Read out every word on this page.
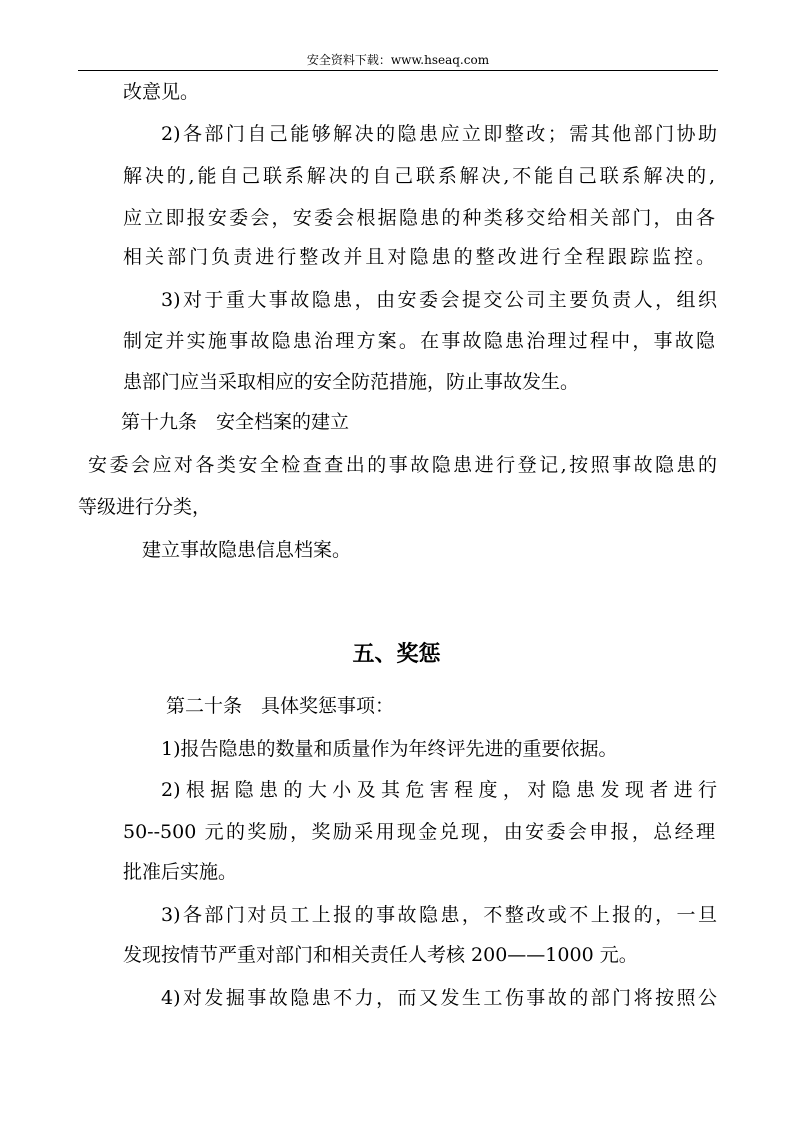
安全资料下载：www.hseaq.com
改意见。
2)各部门自己能够解决的隐患应立即整改；需其他部门协助
解决的,能自己联系解决的自己联系解决,不能自己联系解决的,
应立即报安委会，安委会根据隐患的种类移交给相关部门，由各
相关部门负责进行整改并且对隐患的整改进行全程跟踪监控。
3)对于重大事故隐患，由安委会提交公司主要负责人，组织
制定并实施事故隐患治理方案。在事故隐患治理过程中，事故隐
患部门应当采取相应的安全防范措施，防止事故发生。
第十九条　安全档案的建立
安委会应对各类安全检查查出的事故隐患进行登记,按照事故隐患的
等级进行分类，
建立事故隐患信息档案。
五、奖惩
第二十条　具体奖惩事项：
1)报告隐患的数量和质量作为年终评先进的重要依据。
2)根据隐患的大小及其危害程度，对隐患发现者进行
50--500 元的奖励，奖励采用现金兑现，由安委会申报，总经理
批准后实施。
3)各部门对员工上报的事故隐患，不整改或不上报的，一旦
发现按情节严重对部门和相关责任人考核 200——1000 元。
4)对发掘事故隐患不力，而又发生工伤事故的部门将按照公
